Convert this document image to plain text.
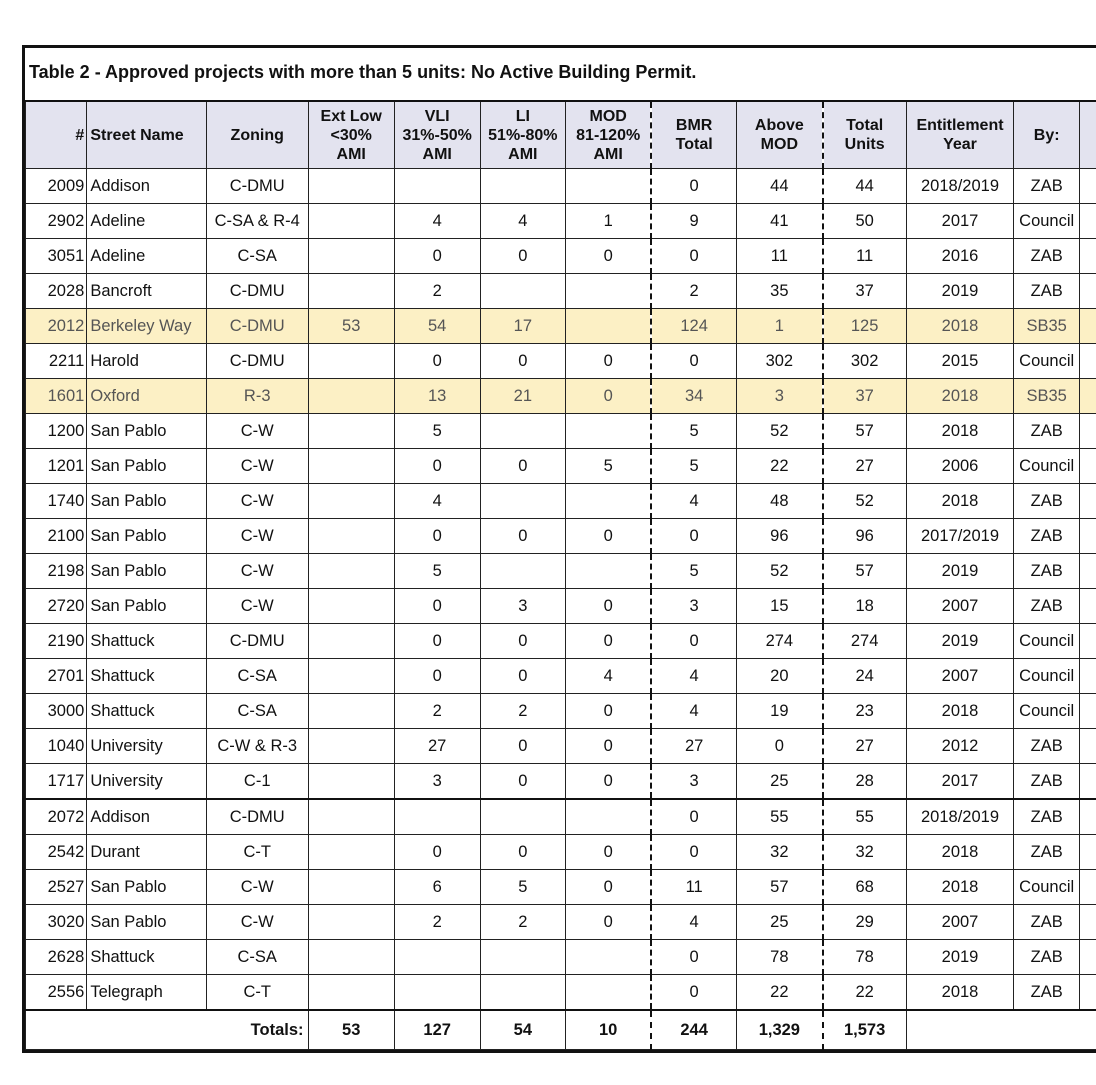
Table 2 - Approved projects with more than 5 units: No Active Building Permit.
#	Street Name	Zoning	Ext Low
<30%
AMI	VLI
31%-50%
AMI	LI
51%-80%
AMI	MOD
81-120%
AMI	BMR
Total	Above
MOD	Total
Units	Entitlement
Year	By:	
2009	Addison	C-DMU					0	44	44	2018/2019	ZAB	
2902	Adeline	C-SA & R-4		4	4	1	9	41	50	2017	Council	
3051	Adeline	C-SA		0	0	0	0	11	11	2016	ZAB	
2028	Bancroft	C-DMU		2			2	35	37	2019	ZAB	
2012	Berkeley Way	C-DMU	53	54	17		124	1	125	2018	SB35	
2211	Harold	C-DMU		0	0	0	0	302	302	2015	Council	
1601	Oxford	R-3		13	21	0	34	3	37	2018	SB35	
1200	San Pablo	C-W		5			5	52	57	2018	ZAB	
1201	San Pablo	C-W		0	0	5	5	22	27	2006	Council	
1740	San Pablo	C-W		4			4	48	52	2018	ZAB	
2100	San Pablo	C-W		0	0	0	0	96	96	2017/2019	ZAB	
2198	San Pablo	C-W		5			5	52	57	2019	ZAB	
2720	San Pablo	C-W		0	3	0	3	15	18	2007	ZAB	
2190	Shattuck	C-DMU		0	0	0	0	274	274	2019	Council	
2701	Shattuck	C-SA		0	0	4	4	20	24	2007	Council	
3000	Shattuck	C-SA		2	2	0	4	19	23	2018	Council	
1040	University	C-W & R-3		27	0	0	27	0	27	2012	ZAB	
1717	University	C-1		3	0	0	3	25	28	2017	ZAB	
2072	Addison	C-DMU					0	55	55	2018/2019	ZAB	
2542	Durant	C-T		0	0	0	0	32	32	2018	ZAB	
2527	San Pablo	C-W		6	5	0	11	57	68	2018	Council	
3020	San Pablo	C-W		2	2	0	4	25	29	2007	ZAB	
2628	Shattuck	C-SA					0	78	78	2019	ZAB	
2556	Telegraph	C-T					0	22	22	2018	ZAB	
Totals:			53	127	54	10	244	1,329	1,573			
